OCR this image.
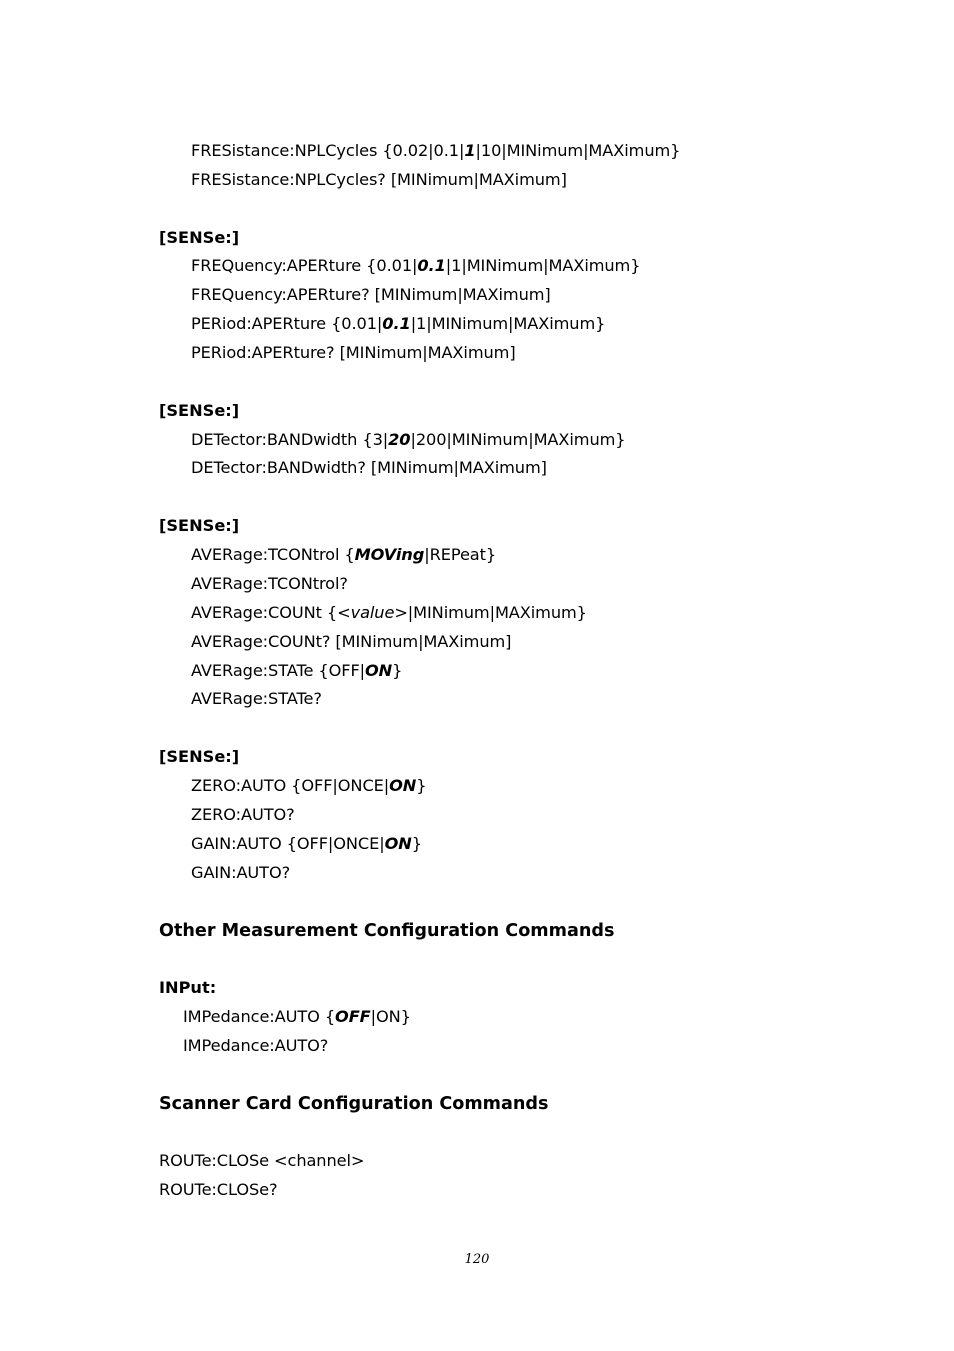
FRESistance:NPLCycles {0.02|0.1|1|10|MINimum|MAXimum}
FRESistance:NPLCycles? [MINimum|MAXimum]
[SENSe:]
FREQuency:APERture {0.01|0.1|1|MINimum|MAXimum}
FREQuency:APERture? [MINimum|MAXimum]
PERiod:APERture {0.01|0.1|1|MINimum|MAXimum}
PERiod:APERture? [MINimum|MAXimum]
[SENSe:]
DETector:BANDwidth {3|20|200|MINimum|MAXimum}
DETector:BANDwidth? [MINimum|MAXimum]
[SENSe:]
AVERage:TCONtrol {MOVing|REPeat}
AVERage:TCONtrol?
AVERage:COUNt {<value>|MINimum|MAXimum}
AVERage:COUNt? [MINimum|MAXimum]
AVERage:STATe {OFF|ON}
AVERage:STATe?
[SENSe:]
ZERO:AUTO {OFF|ONCE|ON}
ZERO:AUTO?
GAIN:AUTO {OFF|ONCE|ON}
GAIN:AUTO?
Other Measurement Configuration Commands
INPut:
IMPedance:AUTO {OFF|ON}
IMPedance:AUTO?
Scanner Card Configuration Commands
ROUTe:CLOSe <channel>
ROUTe:CLOSe?
120
